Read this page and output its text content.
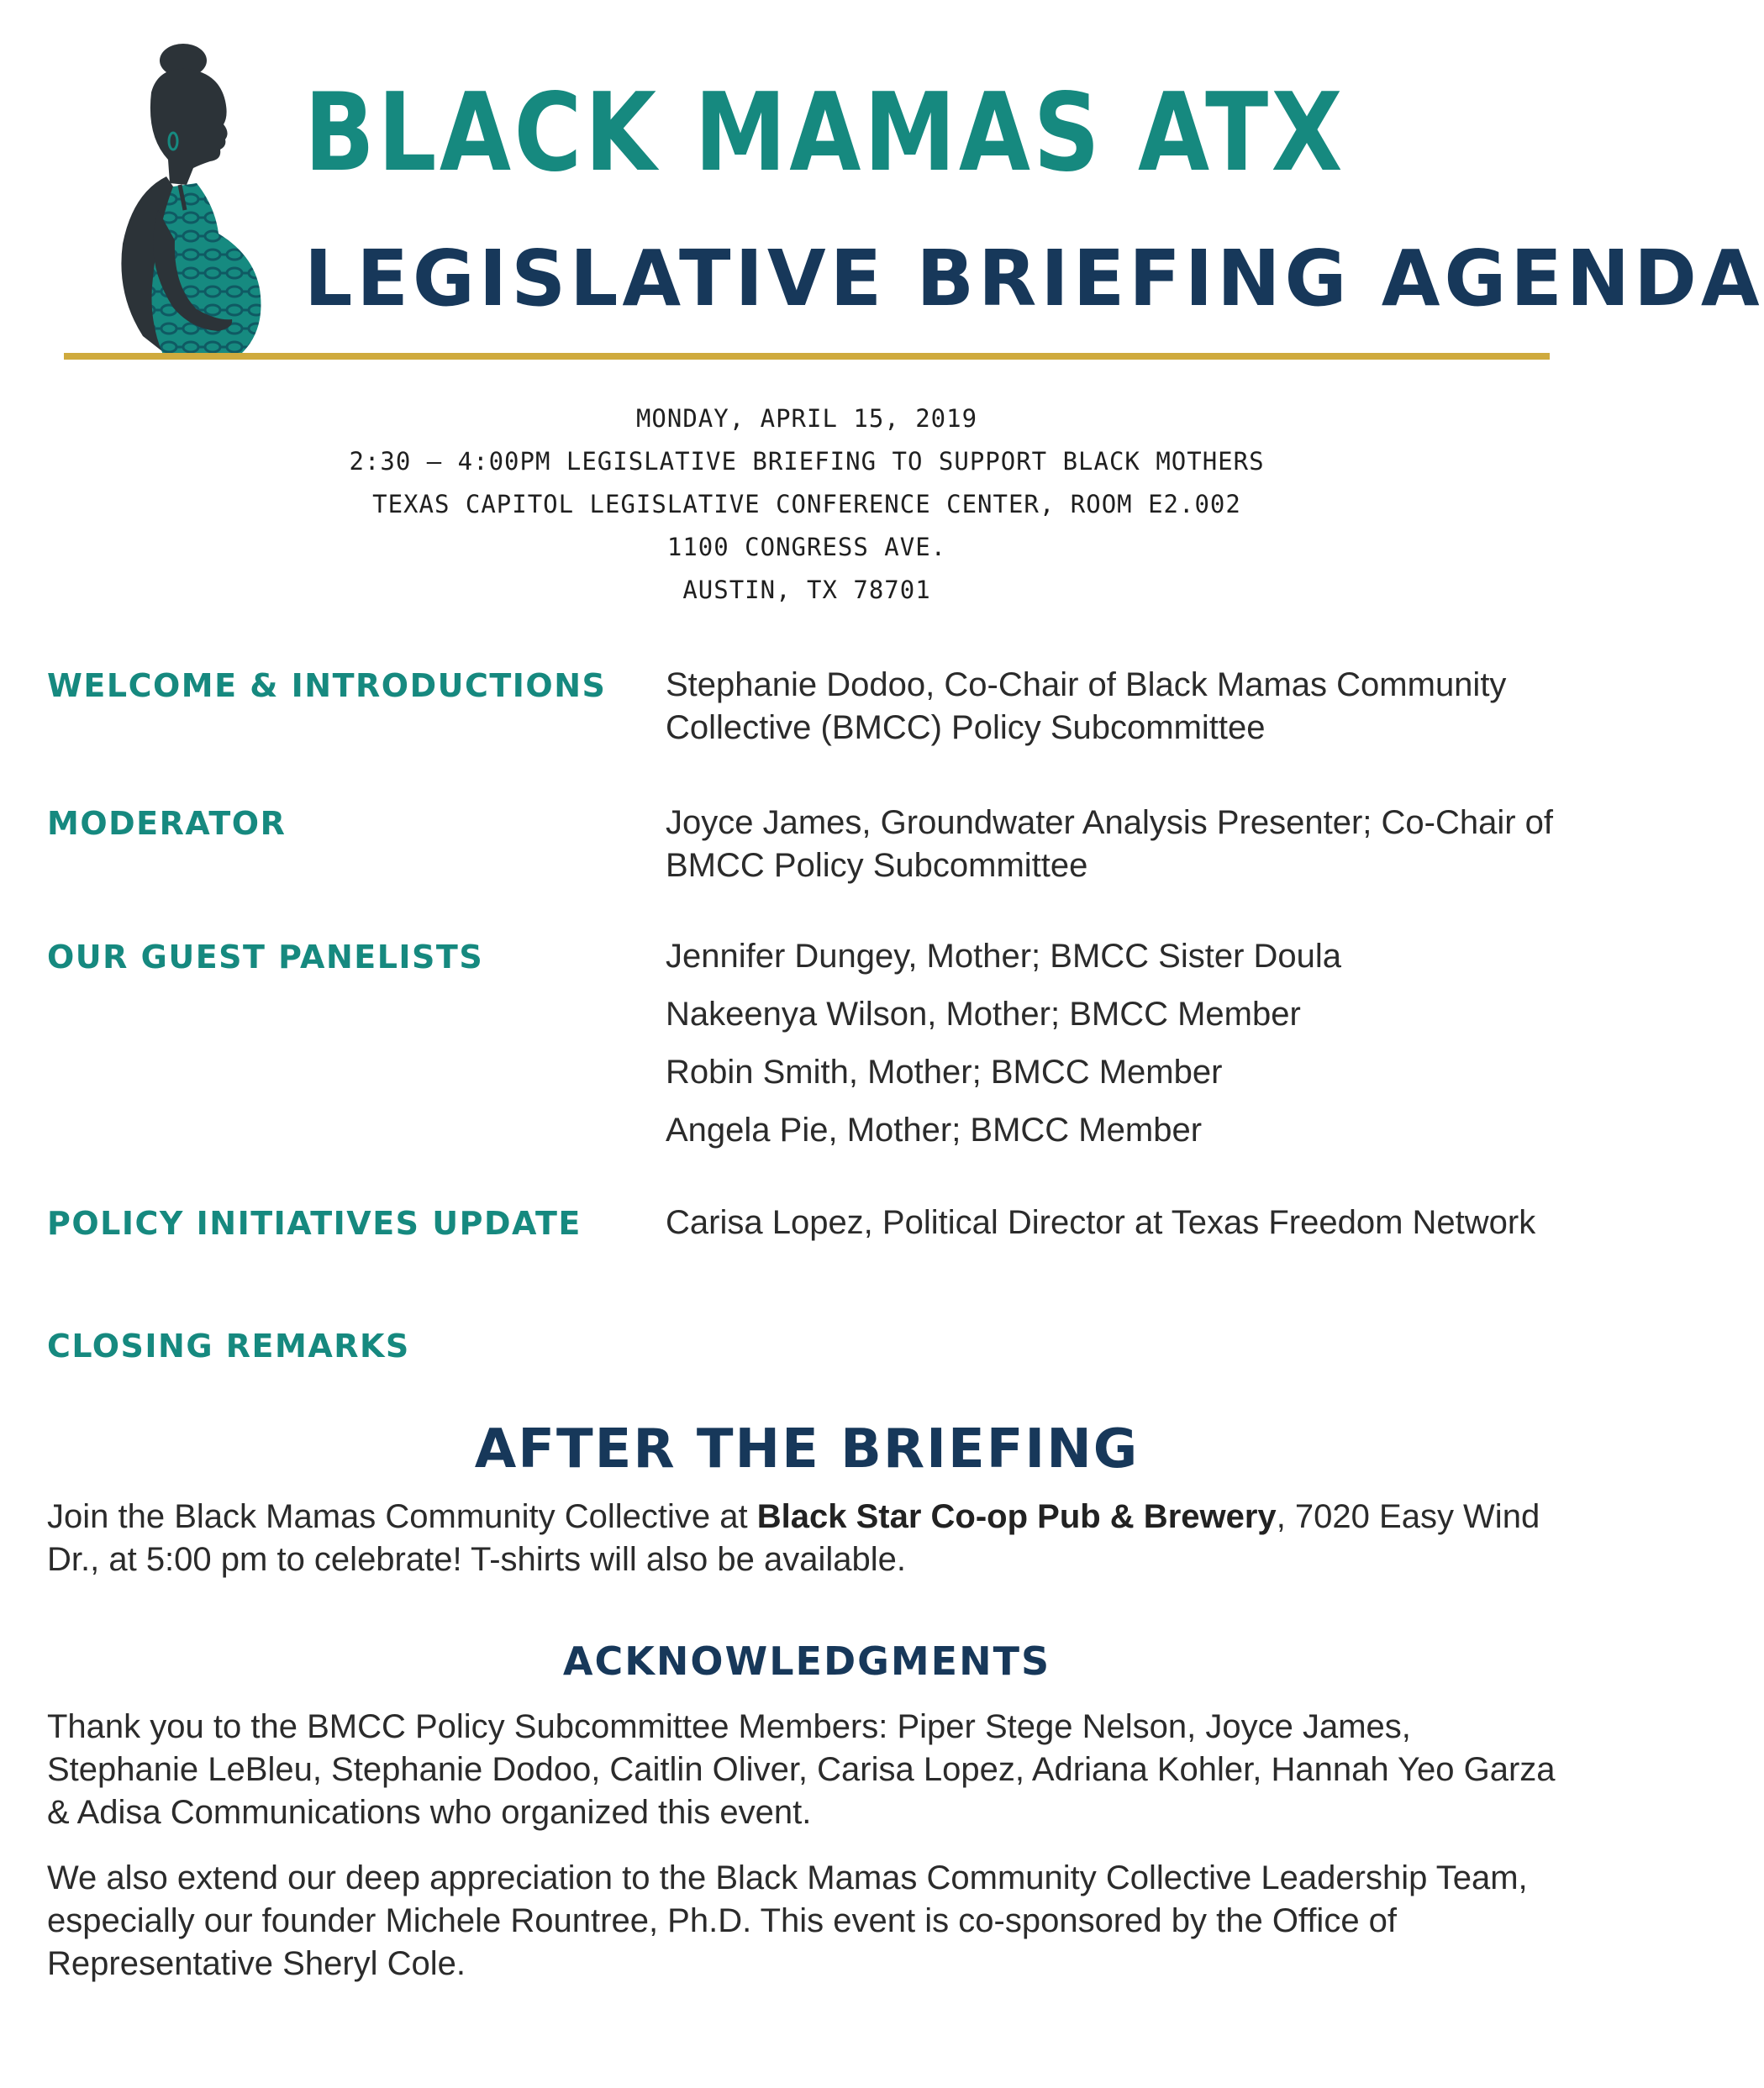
BLACK MAMAS ATX
LEGISLATIVE BRIEFING AGENDA
MONDAY, APRIL 15, 2019
2:30 – 4:00PM LEGISLATIVE BRIEFING TO SUPPORT BLACK MOTHERS
TEXAS CAPITOL LEGISLATIVE CONFERENCE CENTER, ROOM E2.002
1100 CONGRESS AVE.
AUSTIN, TX 78701
WELCOME & INTRODUCTIONS	Stephanie Dodoo, Co-Chair of Black Mamas Community Collective (BMCC) Policy Subcommittee
MODERATOR	Joyce James, Groundwater Analysis Presenter; Co-Chair of BMCC Policy Subcommittee
OUR GUEST PANELISTS	Jennifer Dungey, Mother; BMCC Sister Doula
Nakeenya Wilson, Mother; BMCC Member
Robin Smith, Mother; BMCC Member
Angela Pie, Mother; BMCC Member
POLICY INITIATIVES UPDATE	Carisa Lopez, Political Director at Texas Freedom Network
CLOSING REMARKS
AFTER THE BRIEFING
Join the Black Mamas Community Collective at Black Star Co-op Pub & Brewery, 7020 Easy Wind Dr., at 5:00 pm to celebrate! T-shirts will also be available.
ACKNOWLEDGMENTS
Thank you to the BMCC Policy Subcommittee Members: Piper Stege Nelson, Joyce James, Stephanie LeBleu, Stephanie Dodoo, Caitlin Oliver, Carisa Lopez, Adriana Kohler, Hannah Yeo Garza & Adisa Communications who organized this event.
We also extend our deep appreciation to the Black Mamas Community Collective Leadership Team, especially our founder Michele Rountree, Ph.D. This event is co-sponsored by the Office of Representative Sheryl Cole.
